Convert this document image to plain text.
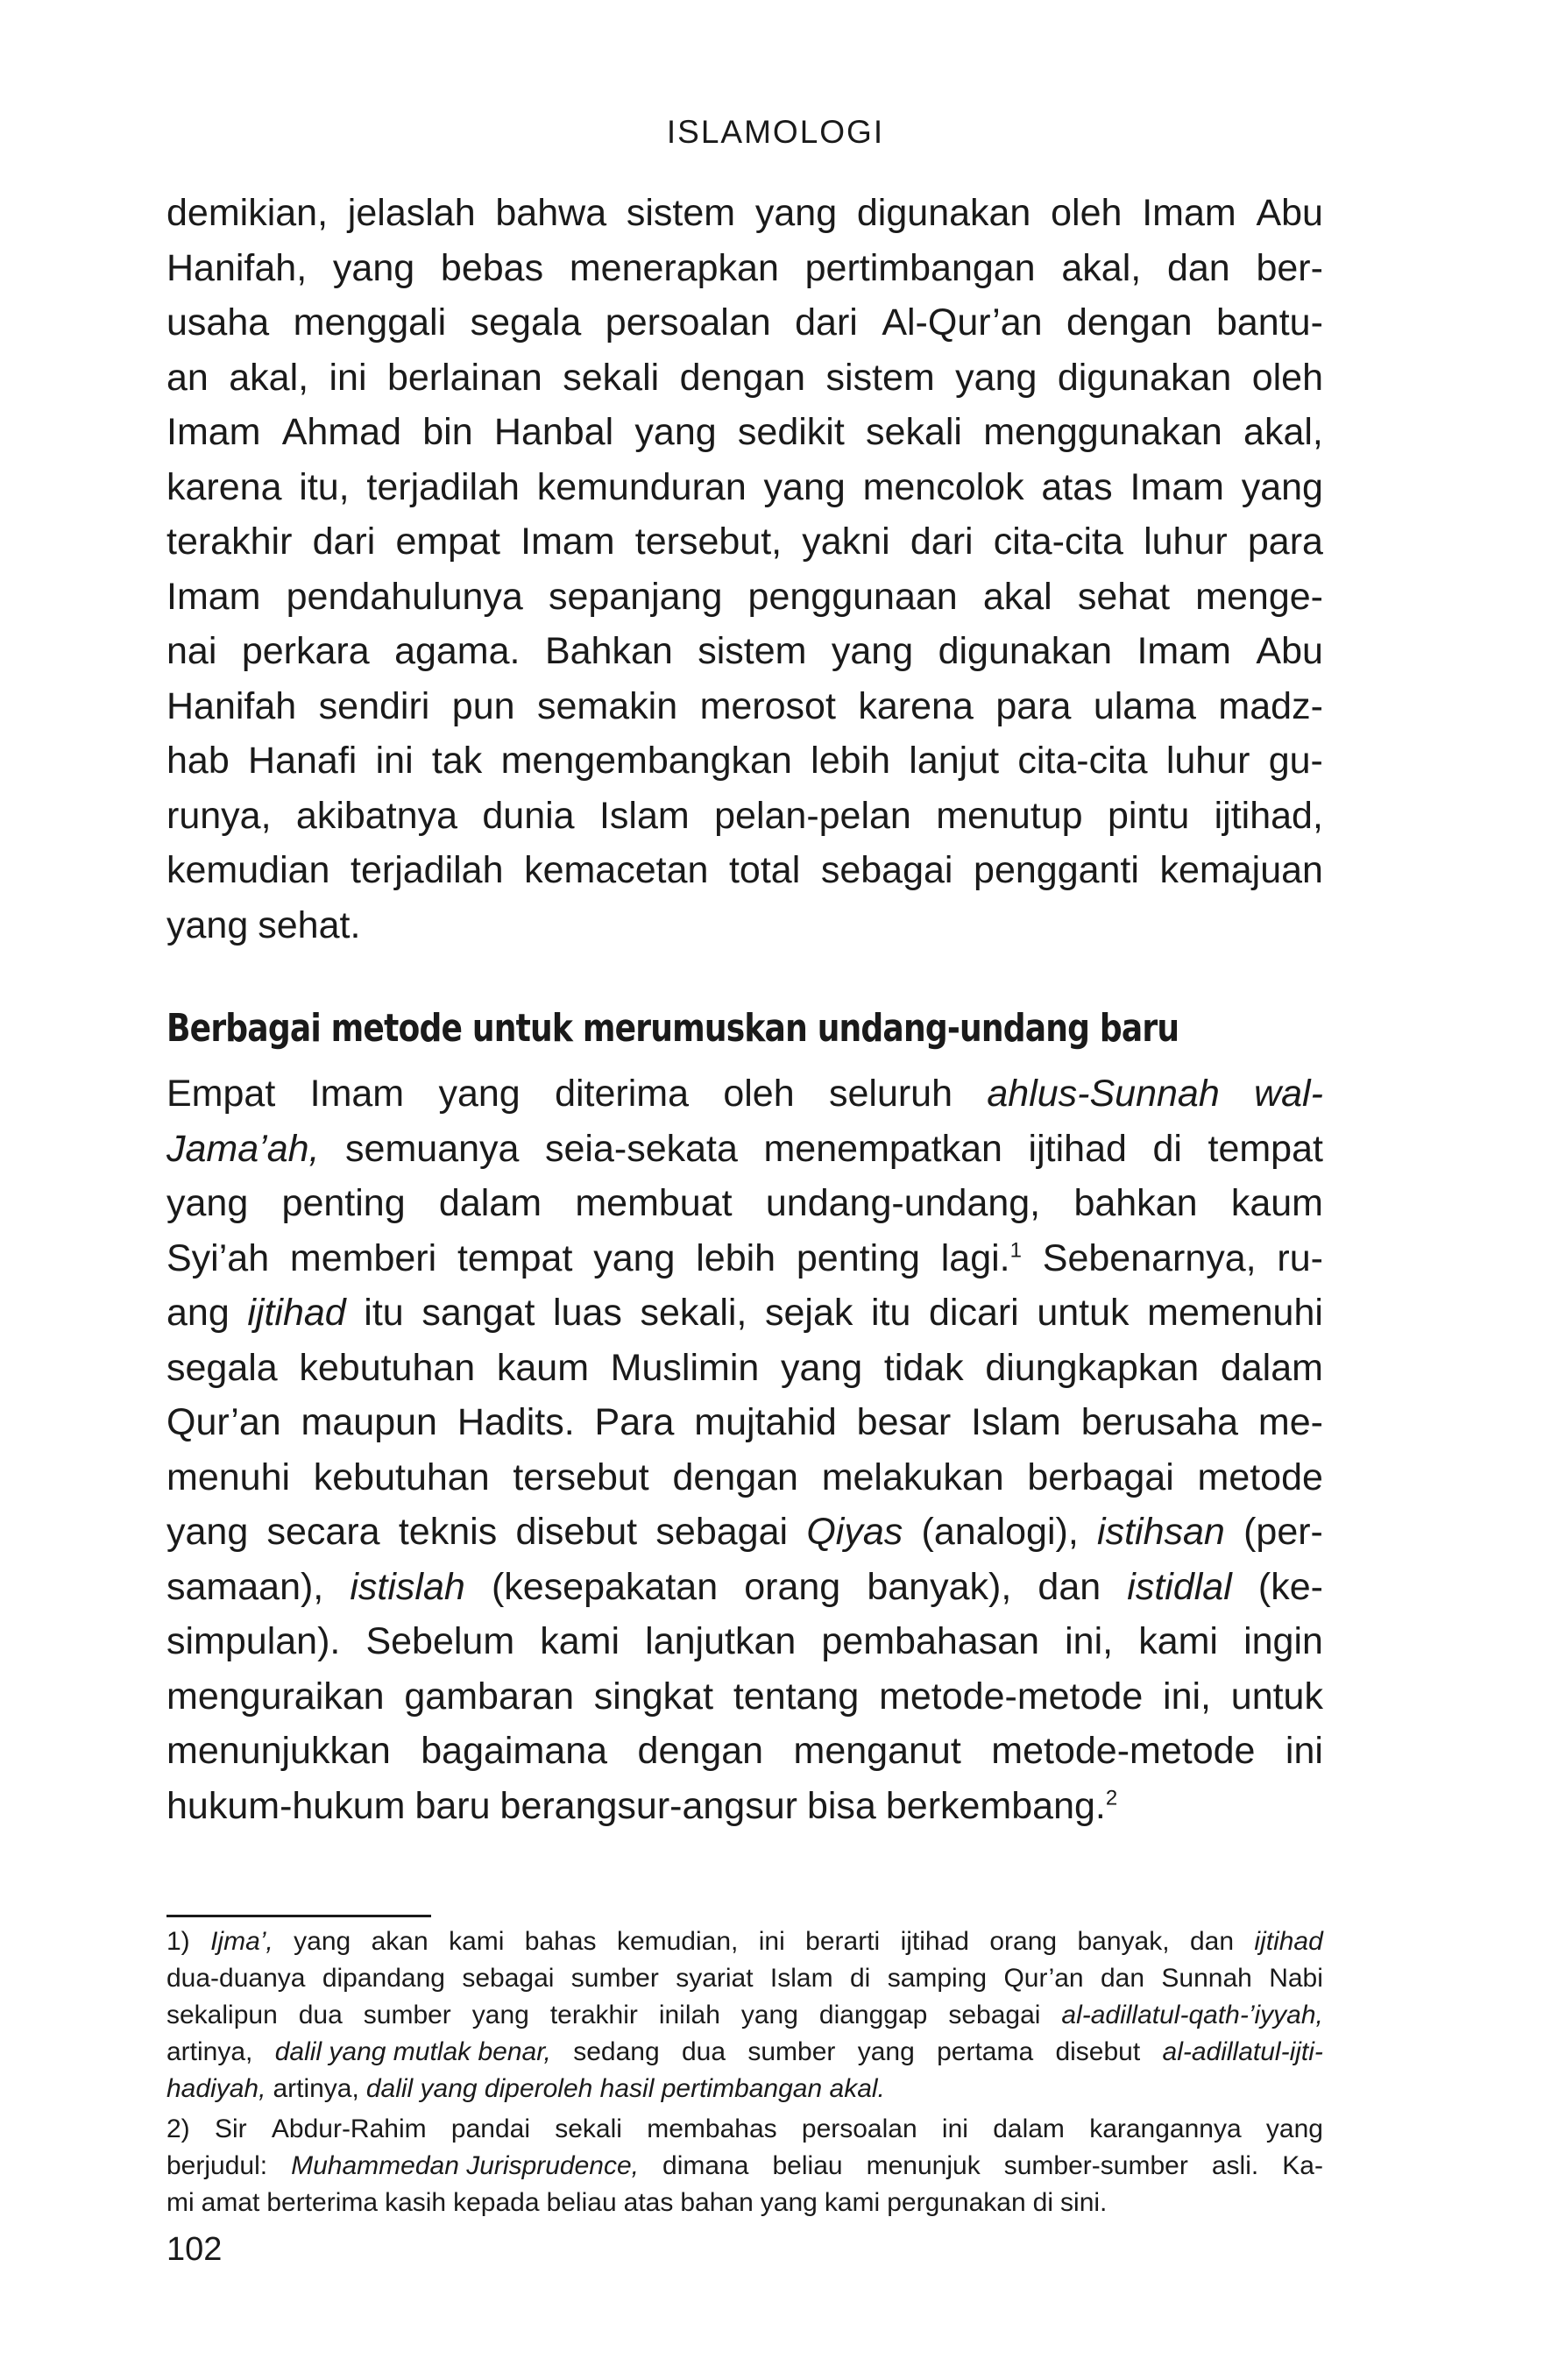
ISLAMOLOGI
demikian, jelaslah bahwa sistem yang digunakan oleh Imam Abu
Hanifah, yang bebas menerapkan pertimbangan akal, dan ber-
usaha menggali segala persoalan dari Al-Qur’an dengan bantu-
an akal, ini berlainan sekali dengan sistem yang digunakan oleh
Imam Ahmad bin Hanbal yang sedikit sekali menggunakan akal,
karena itu, terjadilah kemunduran yang mencolok atas Imam yang
terakhir dari empat Imam tersebut, yakni dari cita-cita luhur para
Imam pendahulunya sepanjang penggunaan akal sehat menge-
nai perkara agama. Bahkan sistem yang digunakan Imam Abu
Hanifah sendiri pun semakin merosot karena para ulama madz-
hab Hanafi ini tak mengembangkan lebih lanjut cita-cita luhur gu-
runya, akibatnya dunia Islam pelan-pelan menutup pintu ijtihad,
kemudian terjadilah kemacetan total sebagai pengganti kemajuan
yang sehat.
Berbagai metode untuk merumuskan undang-undang baru
Empat Imam yang diterima oleh seluruh ahlus-Sunnah wal-
Jama’ah, semuanya seia-sekata menempatkan ijtihad di tempat
yang penting dalam membuat undang-undang, bahkan kaum
Syi’ah memberi tempat yang lebih penting lagi.$^1$ Sebenarnya, ru-
ang ijtihad itu sangat luas sekali, sejak itu dicari untuk memenuhi
segala kebutuhan kaum Muslimin yang tidak diungkapkan dalam
Qur’an maupun Hadits. Para mujtahid besar Islam berusaha me-
menuhi kebutuhan tersebut dengan melakukan berbagai metode
yang secara teknis disebut sebagai Qiyas (analogi), istihsan (per-
samaan), istislah (kesepakatan orang banyak), dan istidlal (ke-
simpulan). Sebelum kami lanjutkan pembahasan ini, kami ingin
menguraikan gambaran singkat tentang metode-metode ini, untuk
menunjukkan bagaimana dengan menganut metode-metode ini
hukum-hukum baru berangsur-angsur bisa berkembang.$^2$
1) Ijma’, yang akan kami bahas kemudian, ini berarti ijtihad orang banyak, dan ijtihad
dua-duanya dipandang sebagai sumber syariat Islam di samping Qur’an dan Sunnah Nabi
sekalipun dua sumber yang terakhir inilah yang dianggap sebagai al-adillatul-qath-’iyyah,
artinya, dalil yang mutlak benar, sedang dua sumber yang pertama disebut al-adillatul-ijti-
hadiyah, artinya, dalil yang diperoleh hasil pertimbangan akal.
2) Sir Abdur-Rahim pandai sekali membahas persoalan ini dalam karangannya yang
berjudul: Muhammedan Jurisprudence, dimana beliau menunjuk sumber-sumber asli. Ka-
mi amat berterima kasih kepada beliau atas bahan yang kami pergunakan di sini.
102
